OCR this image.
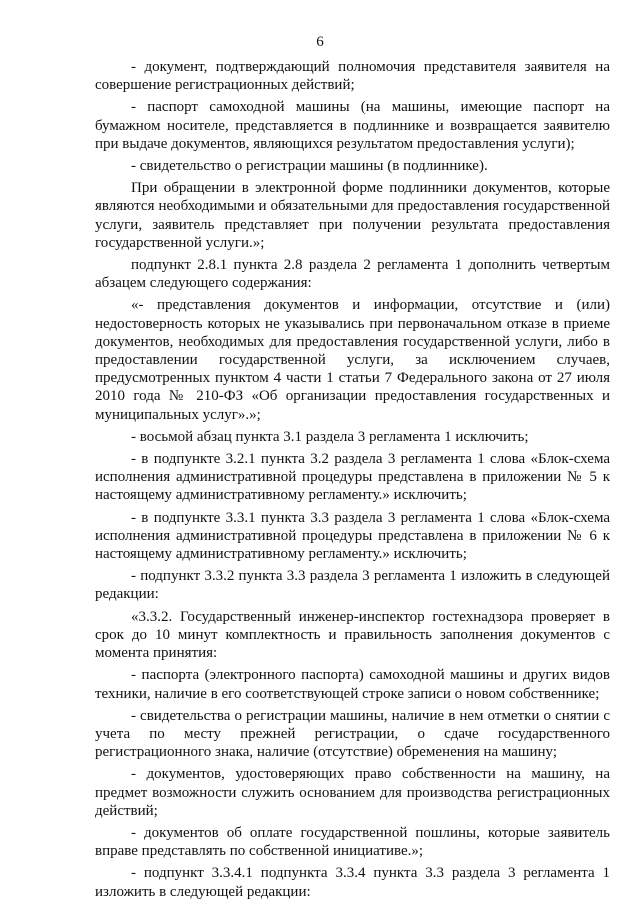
6

- документ, подтверждающий полномочия представителя заявителя на совершение регистрационных действий;

- паспорт самоходной машины (на машины, имеющие паспорт на бумажном носителе, представляется в подлиннике и возвращается заявителю при выдаче документов, являющихся результатом предоставления услуги);

- свидетельство о регистрации машины (в подлиннике).

При обращении в электронной форме подлинники документов, которые являются необходимыми и обязательными для предоставления государственной услуги, заявитель представляет при получении результата предоставления государственной услуги.»;

подпункт 2.8.1 пункта 2.8 раздела 2 регламента 1 дополнить четвертым абзацем следующего содержания:

«- представления документов и информации, отсутствие и (или) недостоверность которых не указывались при первоначальном отказе в приеме документов, необходимых для предоставления государственной услуги, либо в предоставлении государственной услуги, за исключением случаев, предусмотренных пунктом 4 части 1 статьи 7 Федерального закона от 27 июля 2010 года № 210-ФЗ «Об организации предоставления государственных и муниципальных услуг».»;

- восьмой абзац пункта 3.1 раздела 3 регламента 1 исключить;

- в подпункте 3.2.1 пункта 3.2 раздела 3 регламента 1 слова «Блок-схема исполнения административной процедуры представлена в приложении № 5 к настоящему административному регламенту.» исключить;

- в подпункте 3.3.1 пункта 3.3 раздела 3 регламента 1 слова «Блок-схема исполнения административной процедуры представлена в приложении № 6 к настоящему административному регламенту.» исключить;

- подпункт 3.3.2 пункта 3.3 раздела 3 регламента 1 изложить в следующей редакции:

«3.3.2. Государственный инженер-инспектор гостехнадзора проверяет в срок до 10 минут комплектность и правильность заполнения документов с момента принятия:

- паспорта (электронного паспорта) самоходной машины и других видов техники, наличие в его соответствующей строке записи о новом собственнике;

- свидетельства о регистрации машины, наличие в нем отметки о снятии с учета по месту прежней регистрации, о сдаче государственного регистрационного знака, наличие (отсутствие) обременения на машину;

- документов, удостоверяющих право собственности на машину, на предмет возможности служить основанием для производства регистрационных действий;

- документов об оплате государственной пошлины, которые заявитель вправе представлять по собственной инициативе.»;

- подпункт 3.3.4.1 подпункта 3.3.4 пункта 3.3 раздела 3 регламента 1 изложить в следующей редакции:
